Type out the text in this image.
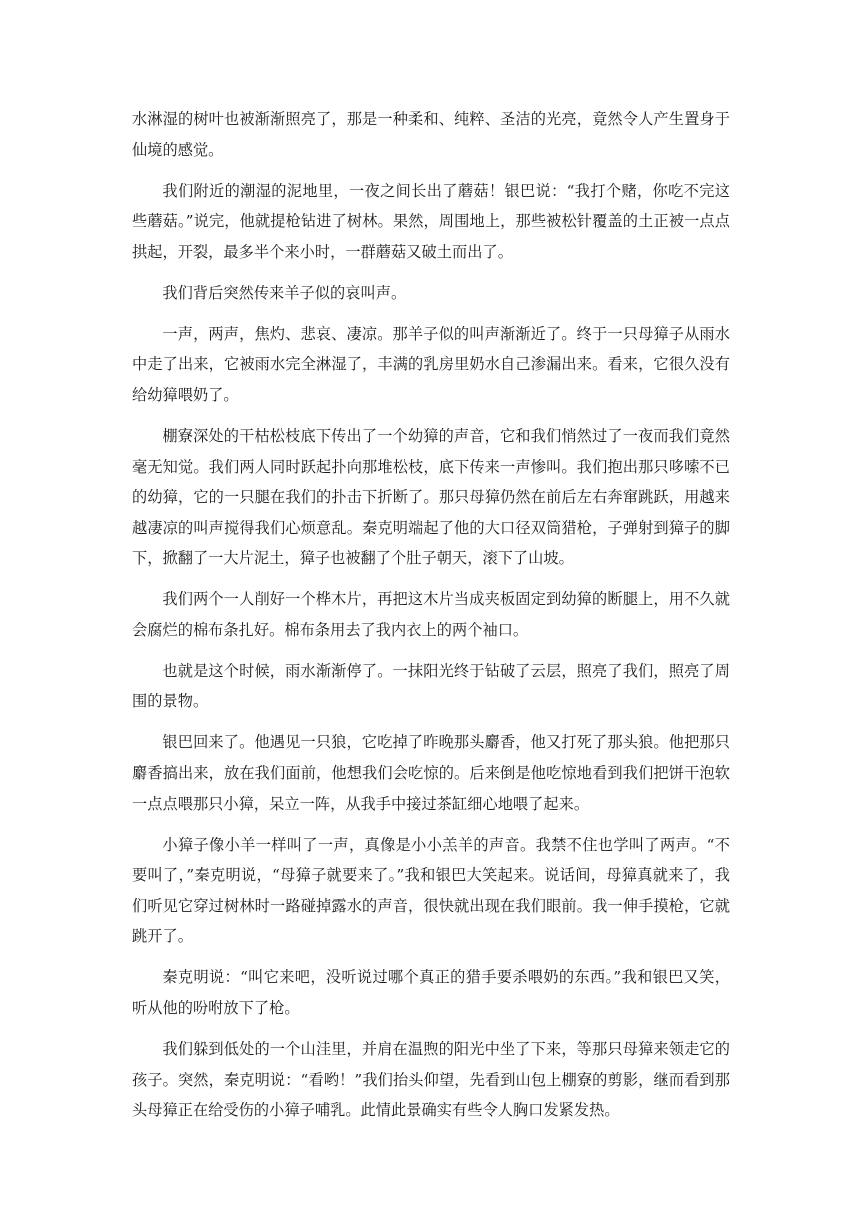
水淋湿的树叶也被渐渐照亮了，那是一种柔和、纯粹、圣洁的光亮，竟然令人产生置身于仙境的感觉。

我们附近的潮湿的泥地里，一夜之间长出了蘑菇！银巴说：“我打个赌，你吃不完这些蘑菇。”说完，他就提枪钻进了树林。果然，周围地上，那些被松针覆盖的土正被一点点拱起，开裂，最多半个来小时，一群蘑菇又破土而出了。

我们背后突然传来羊子似的哀叫声。

一声，两声，焦灼、悲哀、凄凉。那羊子似的叫声渐渐近了。终于一只母獐子从雨水中走了出来，它被雨水完全淋湿了，丰满的乳房里奶水自己渗漏出来。看来，它很久没有给幼獐喂奶了。

棚寮深处的干枯松枝底下传出了一个幼獐的声音，它和我们悄然过了一夜而我们竟然毫无知觉。我们两人同时跃起扑向那堆松枝，底下传来一声惨叫。我们抱出那只哆嗦不已的幼獐，它的一只腿在我们的扑击下折断了。那只母獐仍然在前后左右奔窜跳跃，用越来越凄凉的叫声搅得我们心烦意乱。秦克明端起了他的大口径双筒猎枪，子弹射到獐子的脚下，掀翻了一大片泥土，獐子也被翻了个肚子朝天，滚下了山坡。

我们两个一人削好一个桦木片，再把这木片当成夹板固定到幼獐的断腿上，用不久就会腐烂的棉布条扎好。棉布条用去了我内衣上的两个袖口。

也就是这个时候，雨水渐渐停了。一抹阳光终于钻破了云层，照亮了我们，照亮了周围的景物。

银巴回来了。他遇见一只狼，它吃掉了昨晚那头麝香，他又打死了那头狼。他把那只麝香搞出来，放在我们面前，他想我们会吃惊的。后来倒是他吃惊地看到我们把饼干泡软一点点喂那只小獐，呆立一阵，从我手中接过茶缸细心地喂了起来。

小獐子像小羊一样叫了一声，真像是小小羔羊的声音。我禁不住也学叫了两声。“不要叫了，”秦克明说，“母獐子就要来了。”我和银巴大笑起来。说话间，母獐真就来了，我们听见它穿过树林时一路碰掉露水的声音，很快就出现在我们眼前。我一伸手摸枪，它就跳开了。

秦克明说：“叫它来吧，没听说过哪个真正的猎手要杀喂奶的东西。”我和银巴又笑，听从他的吩咐放下了枪。

我们躲到低处的一个山洼里，并肩在温煦的阳光中坐了下来，等那只母獐来领走它的孩子。突然，秦克明说：“看哟！”我们抬头仰望，先看到山包上棚寮的剪影，继而看到那头母獐正在给受伤的小獐子哺乳。此情此景确实有些令人胸口发紧发热。
